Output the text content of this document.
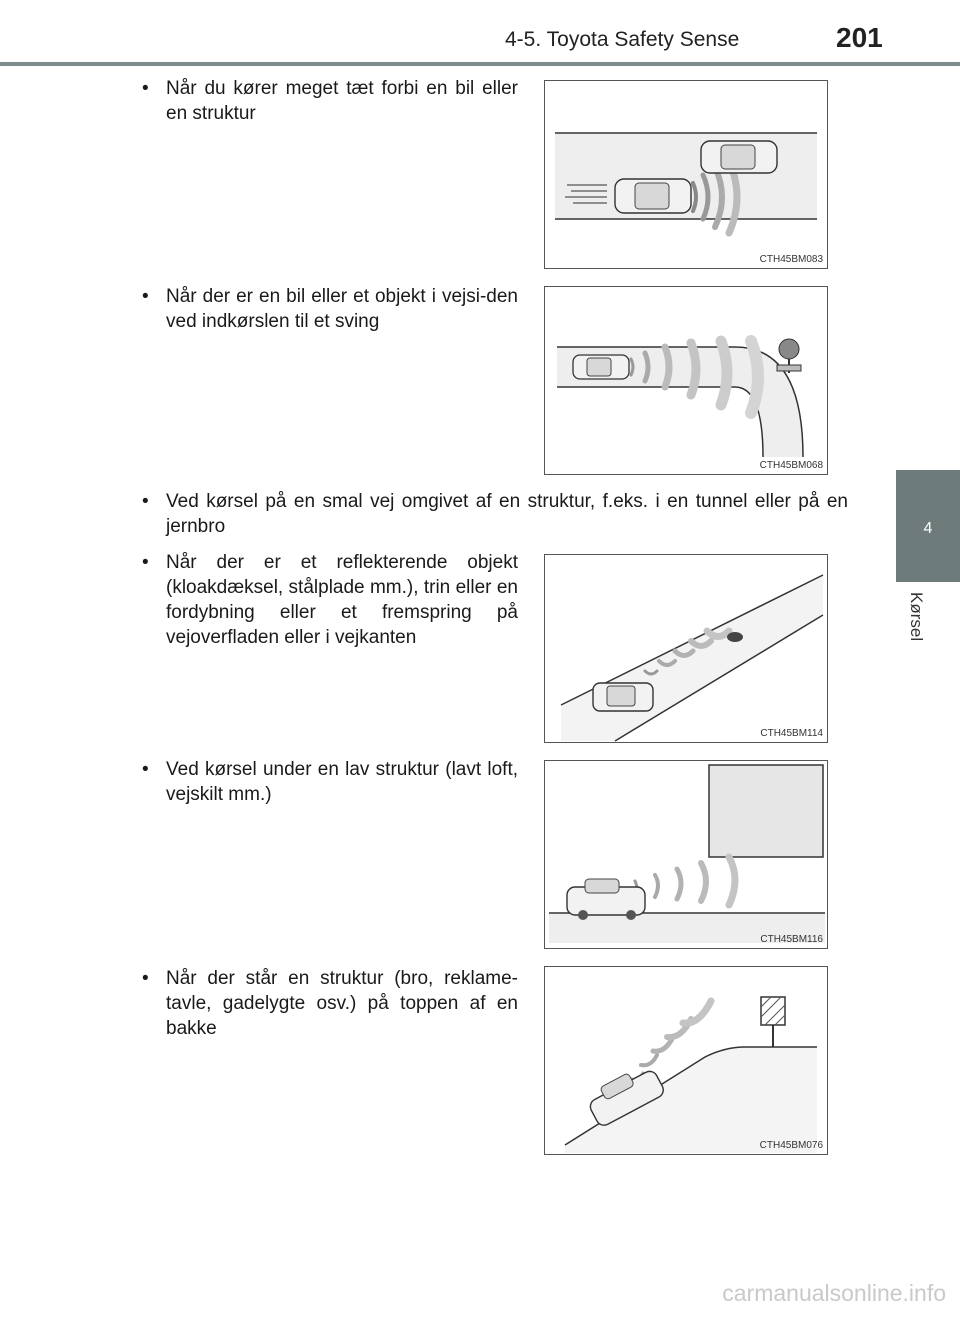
4-5. Toyota Safety Sense	201
4
Kørsel
• Når du kører meget tæt forbi en bil eller en struktur
• Når der er en bil eller et objekt i vejsi-den ved indkørslen til et sving
• Ved kørsel på en smal vej omgivet af en struktur, f.eks. i en tunnel eller på en jernbro
• Når der er et reflekterende objekt (kloakdæksel, stålplade mm.), trin eller en fordybning eller et fremspring på vejoverfladen eller i vejkanten
• Ved kørsel under en lav struktur (lavt loft, vejskilt mm.)
• Når der står en struktur (bro, reklame-tavle, gadelygte osv.) på toppen af en bakke
CTH45BM083
CTH45BM068
CTH45BM114
CTH45BM116
CTH45BM076
carmanualsonline.info
